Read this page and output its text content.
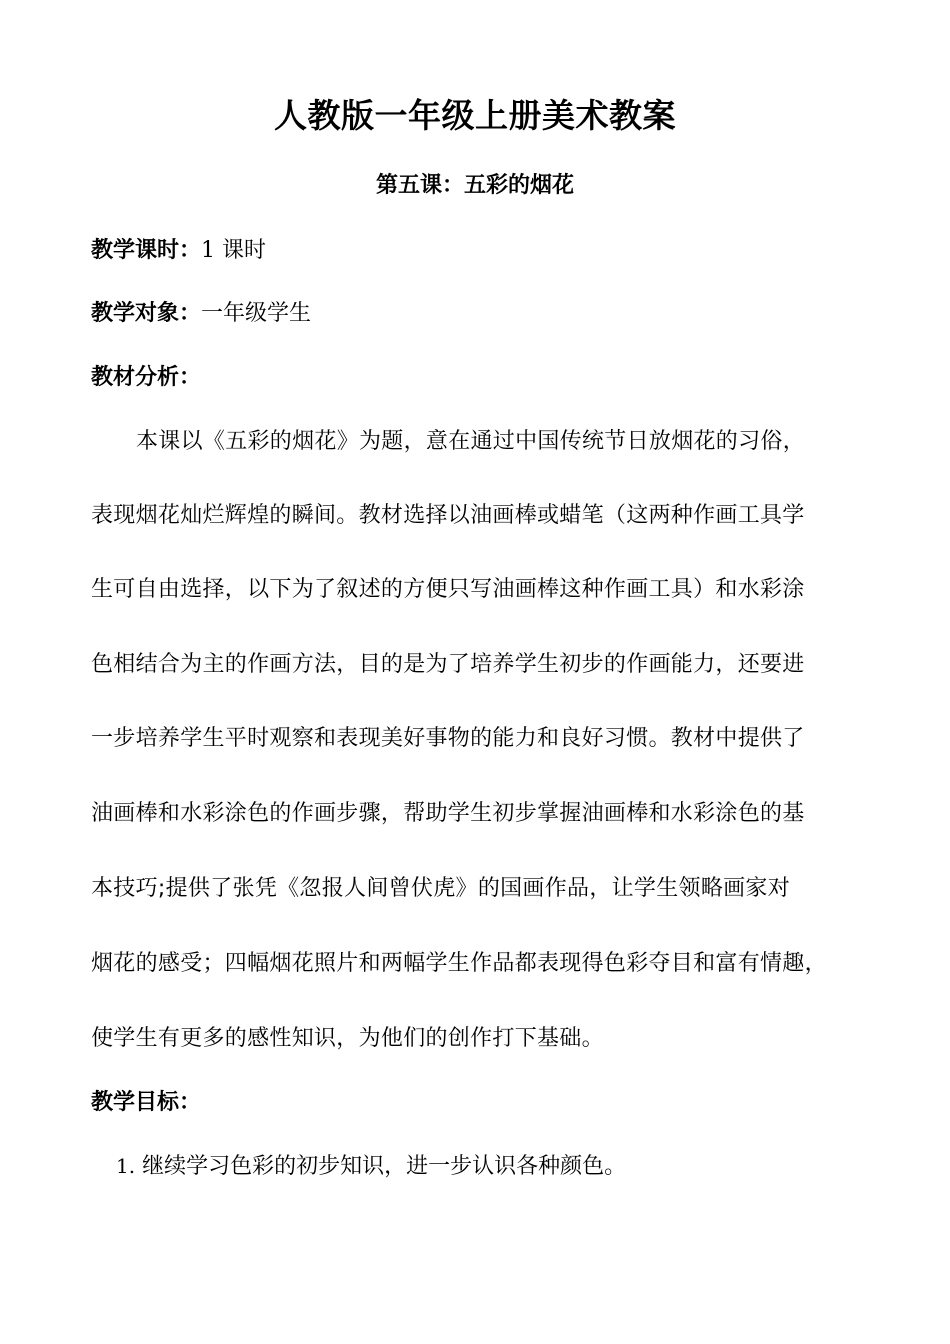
人教版一年级上册美术教案
第五课：五彩的烟花
教学课时：1 课时
教学对象：一年级学生
教材分析：
本课以《五彩的烟花》为题，意在通过中国传统节日放烟花的习俗，
表现烟花灿烂辉煌的瞬间。教材选择以油画棒或蜡笔（这两种作画工具学
生可自由选择，以下为了叙述的方便只写油画棒这种作画工具）和水彩涂
色相结合为主的作画方法，目的是为了培养学生初步的作画能力，还要进
一步培养学生平时观察和表现美好事物的能力和良好习惯。教材中提供了
油画棒和水彩涂色的作画步骤，帮助学生初步掌握油画棒和水彩涂色的基
本技巧;提供了张凭《忽报人间曾伏虎》的国画作品，让学生领略画家对
烟花的感受；四幅烟花照片和两幅学生作品都表现得色彩夺目和富有情趣，
使学生有更多的感性知识，为他们的创作打下基础。
教学目标：
1. 继续学习色彩的初步知识，进一步认识各种颜色。
